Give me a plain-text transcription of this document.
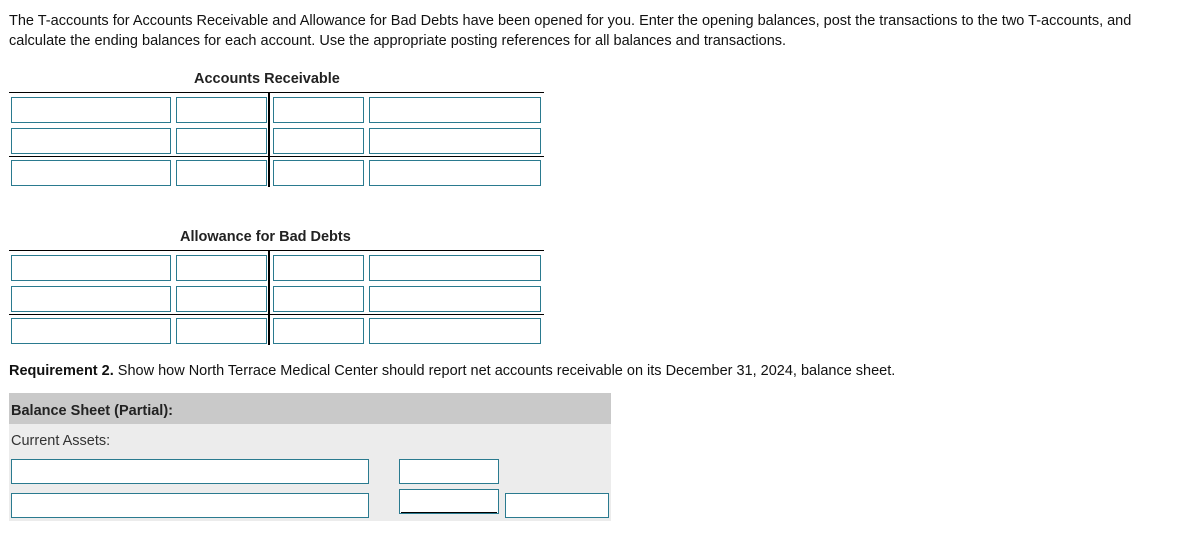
The T-accounts for Accounts Receivable and Allowance for Bad Debts have been opened for you. Enter the opening balances, post the transactions to the two T-accounts, and calculate the ending balances for each account. Use the appropriate posting references for all balances and transactions.
Accounts Receivable
Allowance for Bad Debts
Requirement 2. Show how North Terrace Medical Center should report net accounts receivable on its December 31, 2024, balance sheet.
Balance Sheet (Partial):
Current Assets:
